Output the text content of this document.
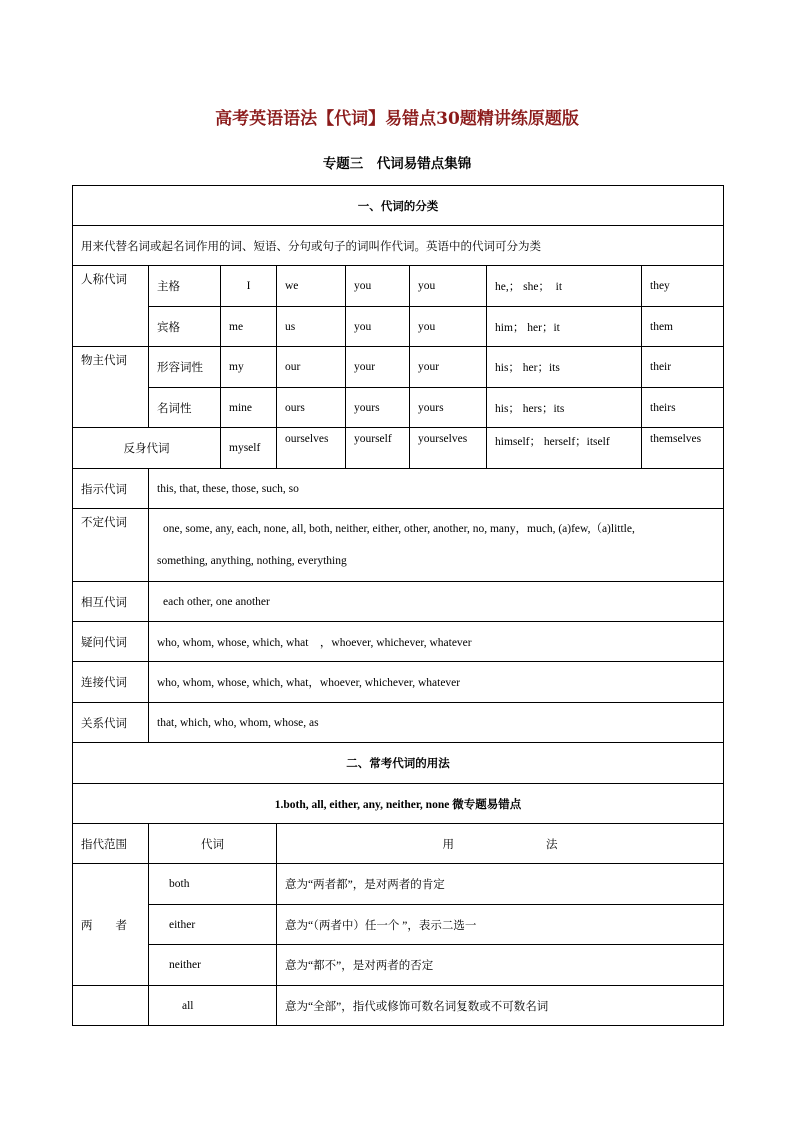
高考英语语法【代词】易错点30题精讲练原题版
专题三　代词易错点集锦
一、代词的分类							
用来代替名词或起名词作用的词、短语、分句或句子的词叫作代词。英语中的代词可分为类							
人称代词	主格	I	we	you	you	he,； she；　it	they
	宾格	me	us	you	you	him； her；it	them
物主代词	形容词性	my	our	your	your	his； her；its	their
	名词性	mine	ours	yours	yours	his； hers；its	theirs
反身代词		myself	ourselves	yourself	yourselves	himself； herself；itself	themselves
指示代词	this, that, these, those, such, so						
不定代词	one, some, any, each, none, all, both, neither, either, other, another, no, many，much, (a)few,（a)little,
something, anything, nothing, everything						

相互代词	each other, one another						
疑问代词	who, whom, whose, which, what　，whoever, whichever, whatever						
连接代词	who, whom, whose, which, what，whoever, whichever, whatever						
关系代词	that, which, who, whom, whose, as						
二、常考代词的用法							
1.both, all, either, any, neither, none 微专题易错点							
指代范围	代词		用　　　　　　　　法				
两　　者	both		意为“两者都”，是对两者的肯定				
	either		意为“（两者中）任一个 ”，表示二选一				
	neither		意为“都不”，是对两者的否定				
	all		意为“全部”，指代或修饰可数名词复数或不可数名词				
